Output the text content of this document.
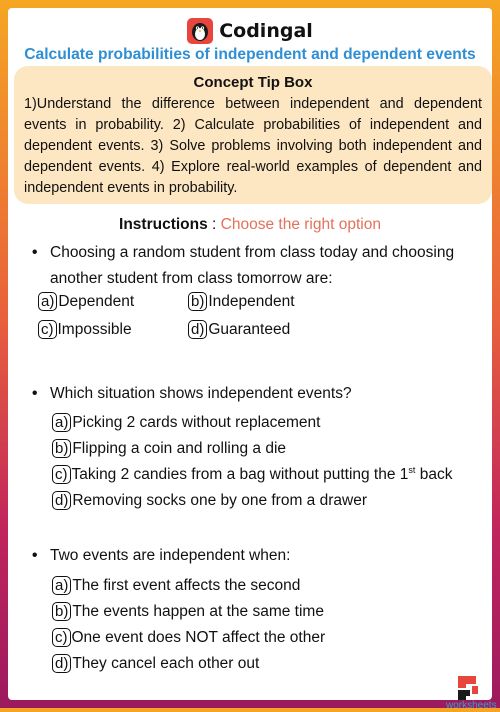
Codingal
Calculate probabilities of independent and dependent events
Concept Tip Box
1)Understand the difference between independent and dependent events in probability. 2) Calculate probabilities of independent and dependent events. 3) Solve problems involving both independent and dependent events. 4) Explore real-world examples of dependent and independent events in probability.
Instructions : Choose the right option
• Choosing a random student from class today and choosing
another student from class tomorrow are:
a) Dependent	b) Independent
c) Impossible	d) Guaranteed
• Which situation shows independent events?
a) Picking 2 cards without replacement
b) Flipping a coin and rolling a die
c) Taking 2 candies from a bag without putting the 1st back
d) Removing socks one by one from a drawer
• Two events are independent when:
a) The first event affects the second
b) The events happen at the same time
c) One event does NOT affect the other
d) They cancel each other out
worksheets
